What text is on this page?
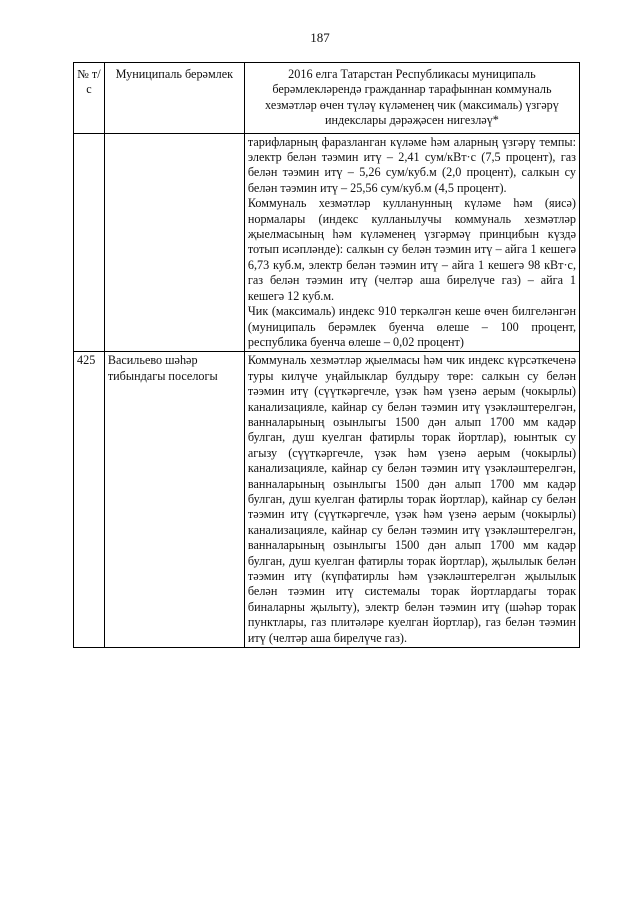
187
№ т/с	Муниципаль берәмлек	2016 елга Татарстан Республикасы муниципаль берәмлекләрендә гражданнар тарафыннан коммуналь хезмәтләр өчен түләү күләменең чик (максималь) үзгәрү индекслары дәрәҗәсен нигезләү*

		тарифларның фаразланган күләме һәм аларның үзгәрү темпы: электр белән тәэмин итү – 2,41 сум/кВт·с (7,5 процент), газ белән тәэмин итү – 5,26 сум/куб.м (2,0 процент), салкын су белән тәэмин итү – 25,56 сум/куб.м (4,5 процент).

Коммуналь хезмәтләр кулланунның күләме һәм (яисә) нормалары (индекс кулланылучы коммуналь хезмәтләр җыелмасының һәм күләменең үзгәрмәү принцибын күздә тотып исәпләнде): салкын су белән тәэмин итү – айга 1 кешегә 6,73 куб.м, электр белән тәэмин итү – айга 1 кешегә 98 кВт·с, газ белән тәэмин итү (челтәр аша бирелүче газ) – айга 1 кешегә 12 куб.м.

Чик (максималь) индекс 910 теркәлгән кеше өчен билгеләнгән (муниципаль берәмлек буенча өлеше – 100 процент, республика буенча өлеше – 0,02 процент)

425	Васильево шәһәр тибындагы поселогы	Коммуналь хезмәтләр җыелмасы һәм чик индекс күрсәткеченә туры килүче уңайлыклар булдыру төре: салкын су белән тәэмин итү (сүүткәргечле, үзәк һәм үзенә аерым (чокырлы) канализацияле, кайнар су белән тәэмин итү үзәкләштерелгән, ванналарының озынлыгы 1500 дән алып 1700 мм кадәр булган, душ куелган фатирлы торак йортлар), юынтык су агызу (сүүткәргечле, үзәк һәм үзенә аерым (чокырлы) канализацияле, кайнар су белән тәэмин итү үзәкләштерелгән, ванналарының озынлыгы 1500 дән алып 1700 мм кадәр булган, душ куелган фатирлы торак йортлар), кайнар су белән тәэмин итү (сүүткәргечле, үзәк һәм үзенә аерым (чокырлы) канализацияле, кайнар су белән тәэмин итү үзәкләштерелгән, ванналарының озынлыгы 1500 дән алып 1700 мм кадәр булган, душ куелган фатирлы торак йортлар), җылылык белән тәэмин итү (күпфатирлы һәм үзәкләштерелгән җылылык белән тәэмин итү системалы торак йортлардагы торак биналарны җылыту), электр белән тәэмин итү (шәһәр торак пунктлары, газ плитәләре куелган йортлар), газ белән тәэмин итү (челтәр аша бирелүче газ).
